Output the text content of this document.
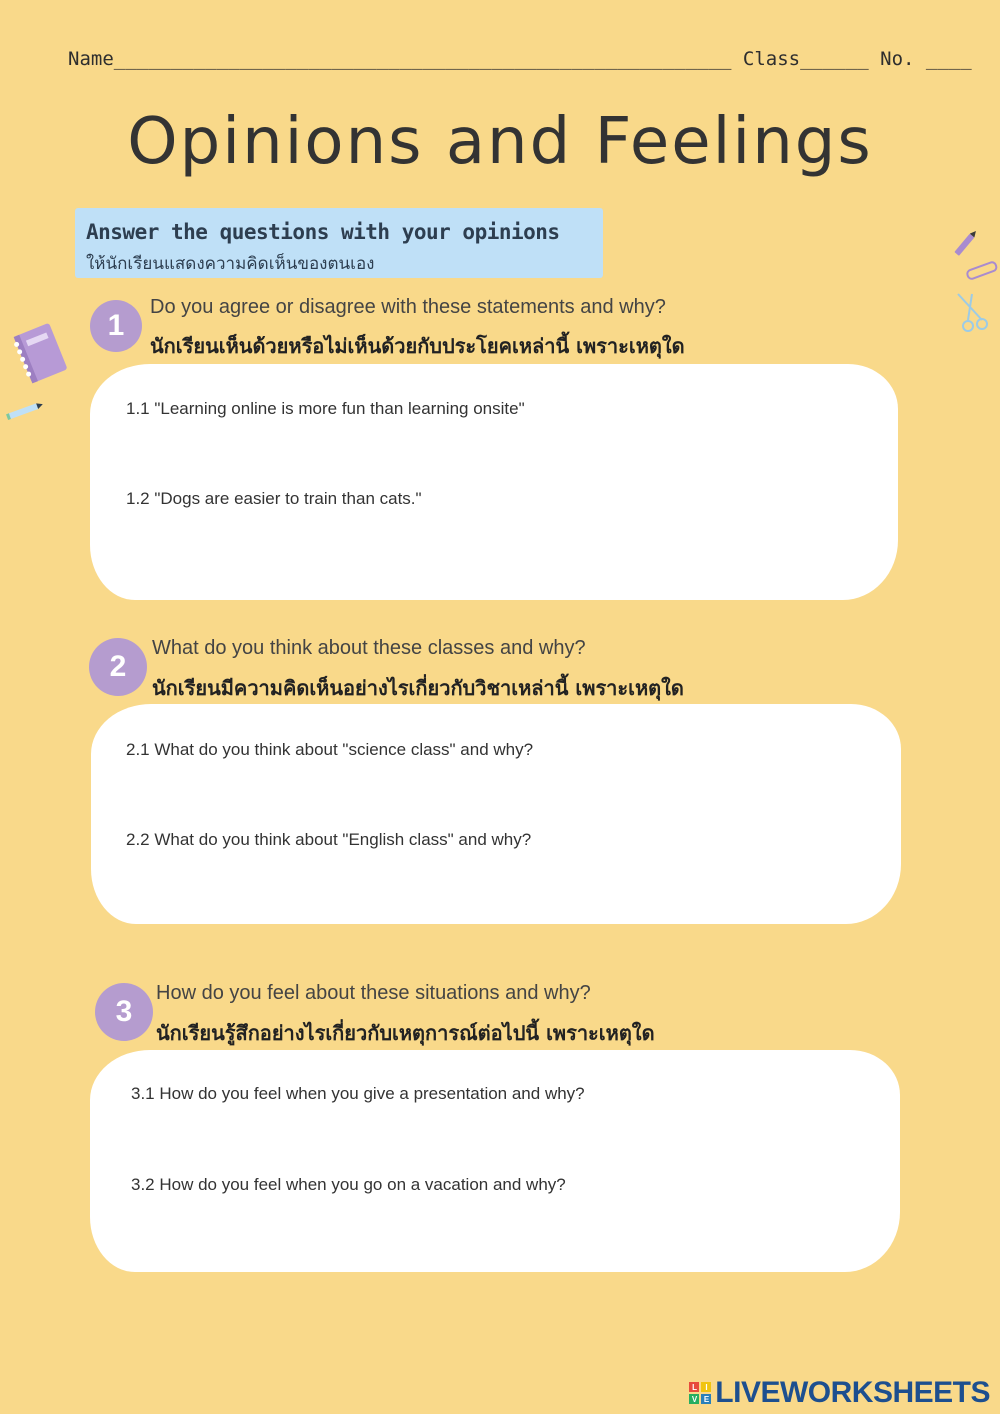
Name______________________________________________________ Class______ No. ____
Opinions and Feelings
Answer the questions with your opinions
ให้นักเรียนแสดงความคิดเห็นของตนเอง
1
Do you agree or disagree with these statements and why?
นักเรียนเห็นด้วยหรือไม่เห็นด้วยกับประโยคเหล่านี้ เพราะเหตุใด
1.1 "Learning online is more fun than learning onsite"
1.2 "Dogs are easier to train than cats."
2
What do you think about these classes and why?
นักเรียนมีความคิดเห็นอย่างไรเกี่ยวกับวิชาเหล่านี้ เพราะเหตุใด
2.1 What do you think about "science class" and why?
2.2 What do you think about "English class" and why?
3
How do you feel about these situations and why?
นักเรียนรู้สึกอย่างไรเกี่ยวกับเหตุการณ์ต่อไปนี้ เพราะเหตุใด
3.1 How do you feel when you give a presentation and why?
3.2 How do you feel when you go on a vacation and why?
L	I
V E LIVEWORKSHEETS
